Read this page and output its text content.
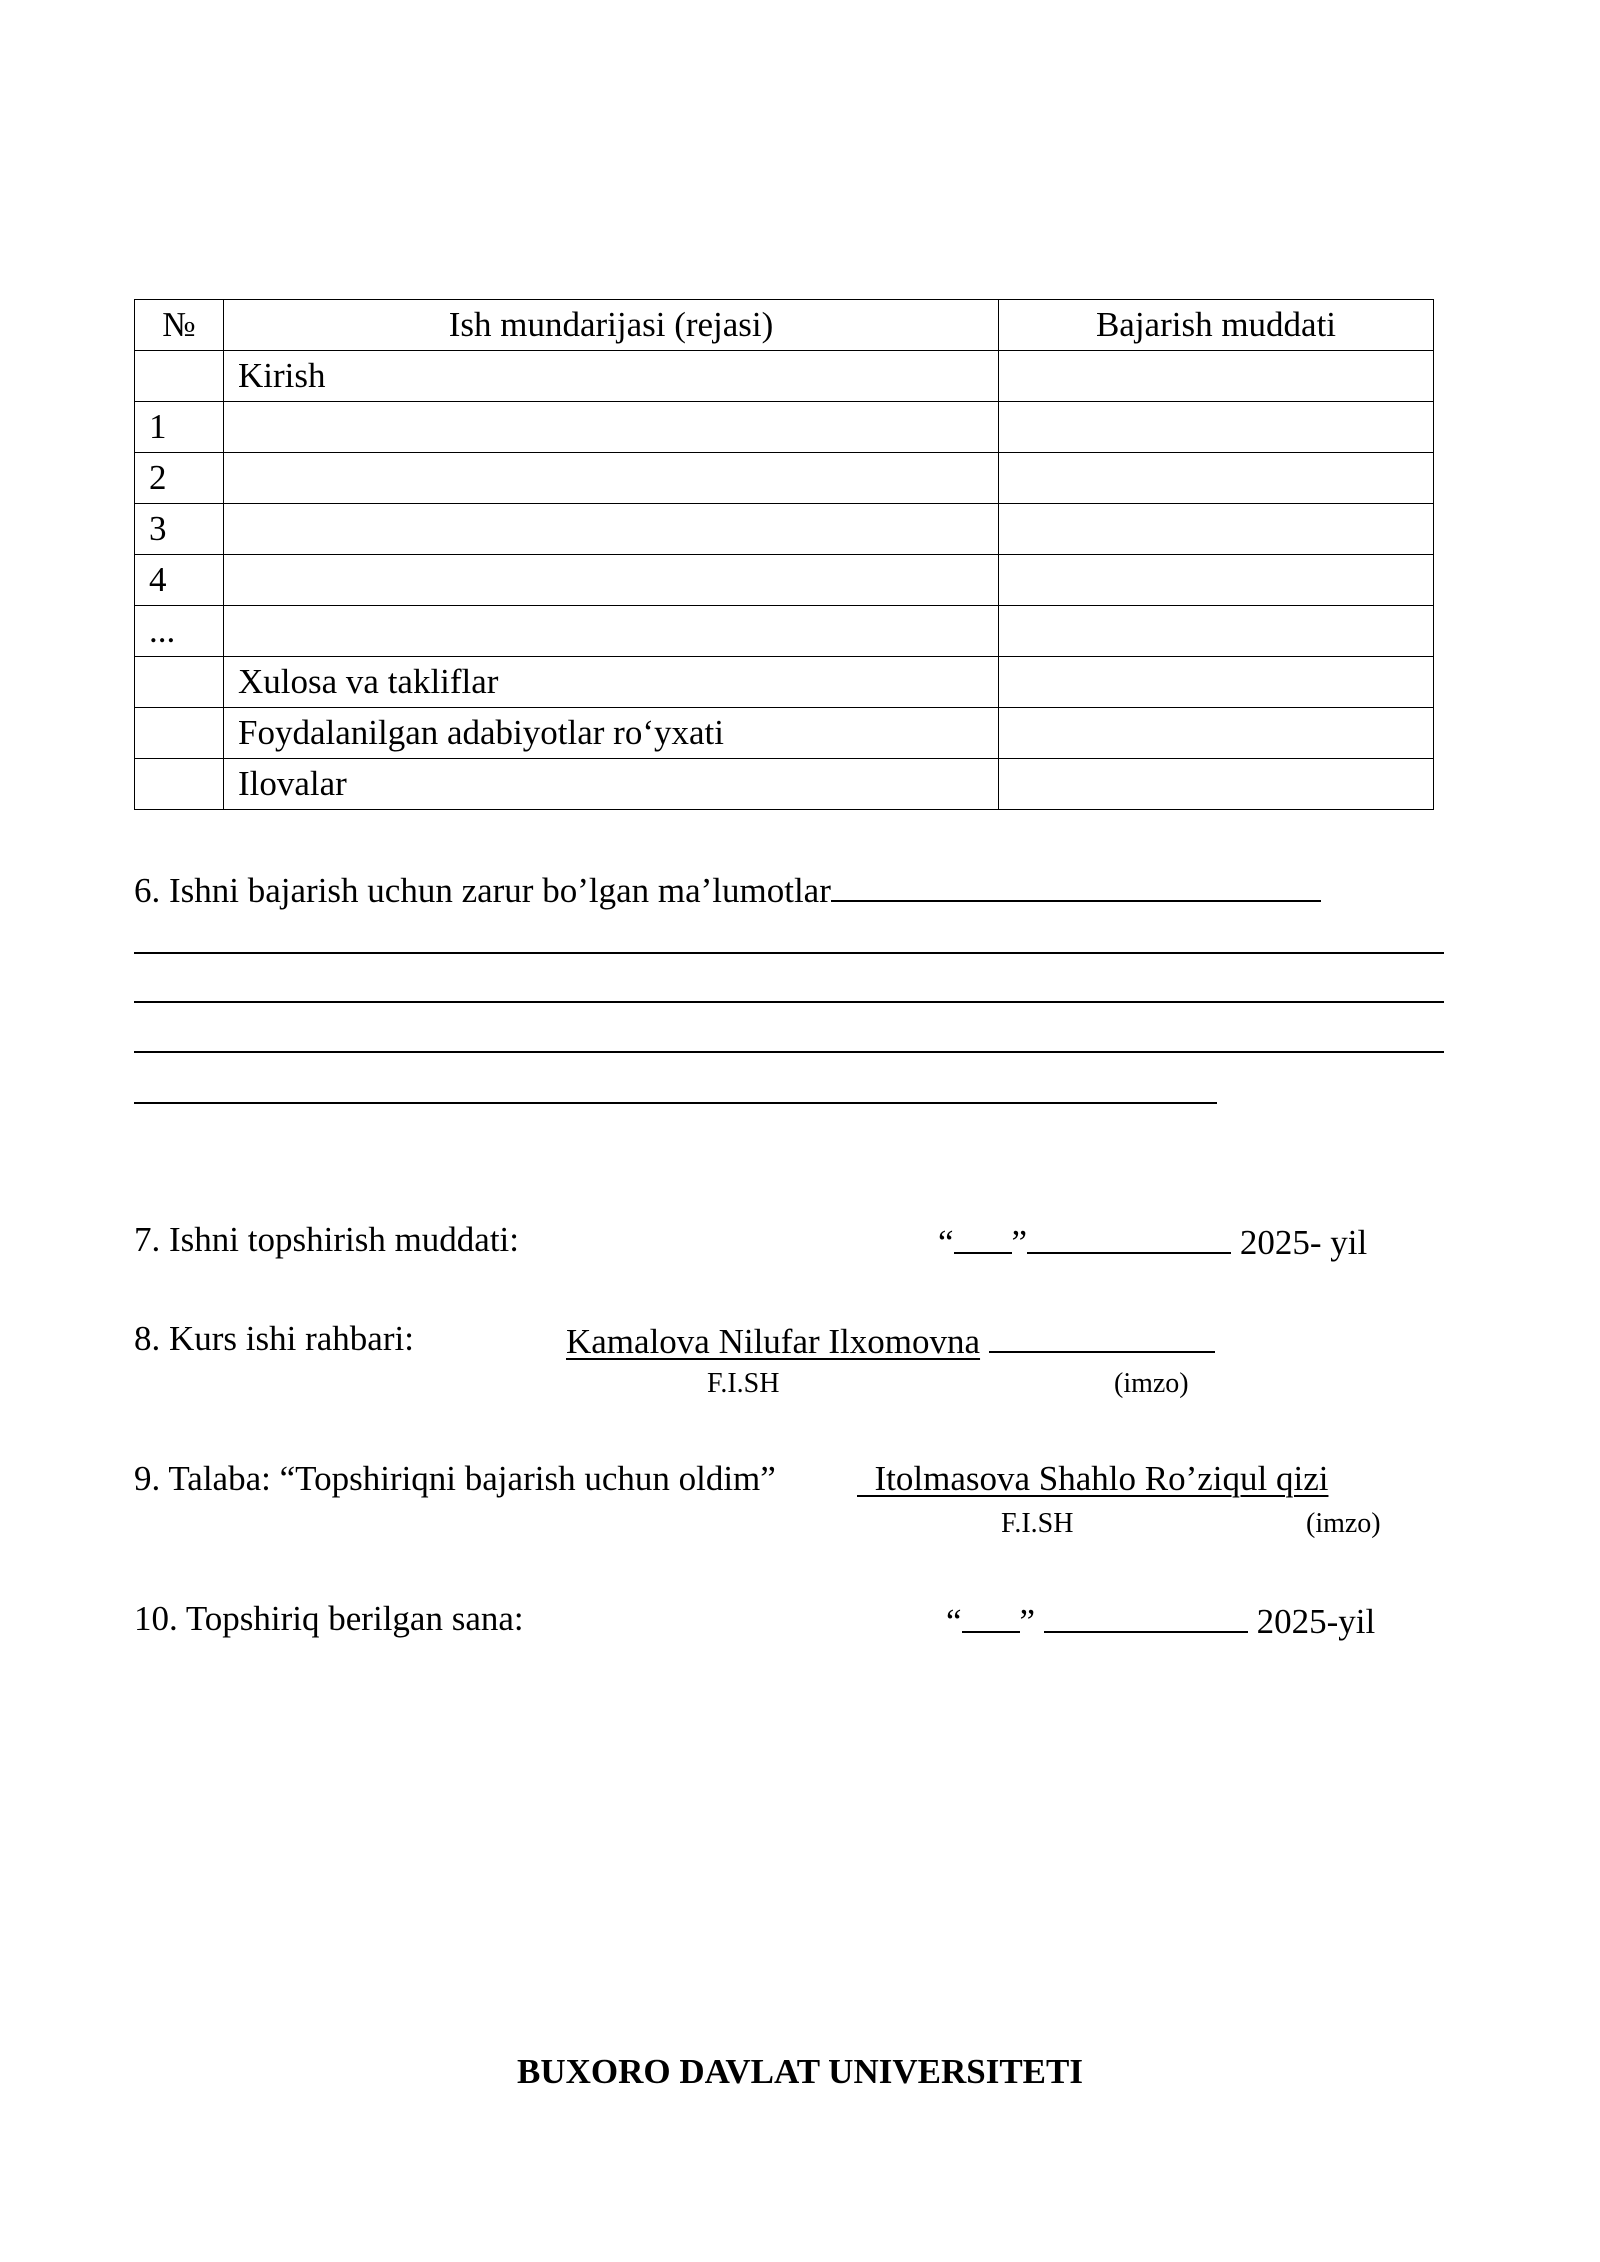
№	Ish mundarijasi (rejasi)	Bajarish muddati
	Kirish	
1		
2		
3		
4		
...		
	Xulosa va takliflar	
	Foydalanilgan adabiyotlar ro‘yxati	
	Ilovalar	
6. Ishni bajarish uchun zarur bo’lgan ma’lumotlar
7. Ishni topshirish muddati:	“ ”	2025- yil
8. Kurs ishi rahbari:	Kamalova Nilufar Ilxomovna
F.I.SH	(imzo)
9. Talaba: “Topshiriqni bajarish uchun oldim”	Itolmasova Shahlo Ro’ziqul qizi
F.I.SH	(imzo)
10. Topshiriq berilgan sana:	“ ”	2025-yil
BUXORO DAVLAT UNIVERSITETI
